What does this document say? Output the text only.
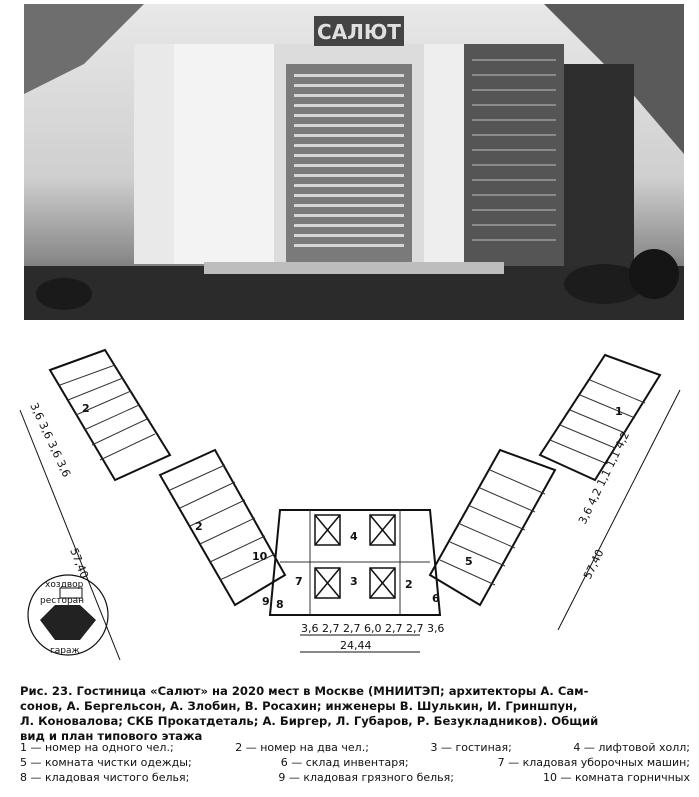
САЛЮТ
4
3
7	2
8
9
10
6
5
2
2
1
3,6 3,6 3,6 3,6
57,40	57,40
3,6 4,2 1,1 1,1 4,2
3,6 2,7 2,7 6,0 2,7 2,7 3,6
24,44
хоздвор
ресторан
гараж
Рис. 23. Гостиница «Салют» на 2020 мест в Москве (МНИИТЭП; архитекторы А. Сам-
сонов, А. Бергельсон, А. Злобин, В. Росахин; инженеры В. Шулькин, И. Гриншпун,
Л. Коновалова; СКБ Прокатдеталь; А. Биргер, Л. Губаров, Р. Безукладников). Общий
вид и план типового этажа
1 — номер на одного чел.;	2 — номер на два чел.;	3 — гостиная;	4 — лифтовой холл;
5 — комната чистки одежды;	6 — склад инвентаря;	7 — кладовая уборочных машин;
8 — кладовая чистого белья;	9 — кладовая грязного белья;	10 — комната горничных
